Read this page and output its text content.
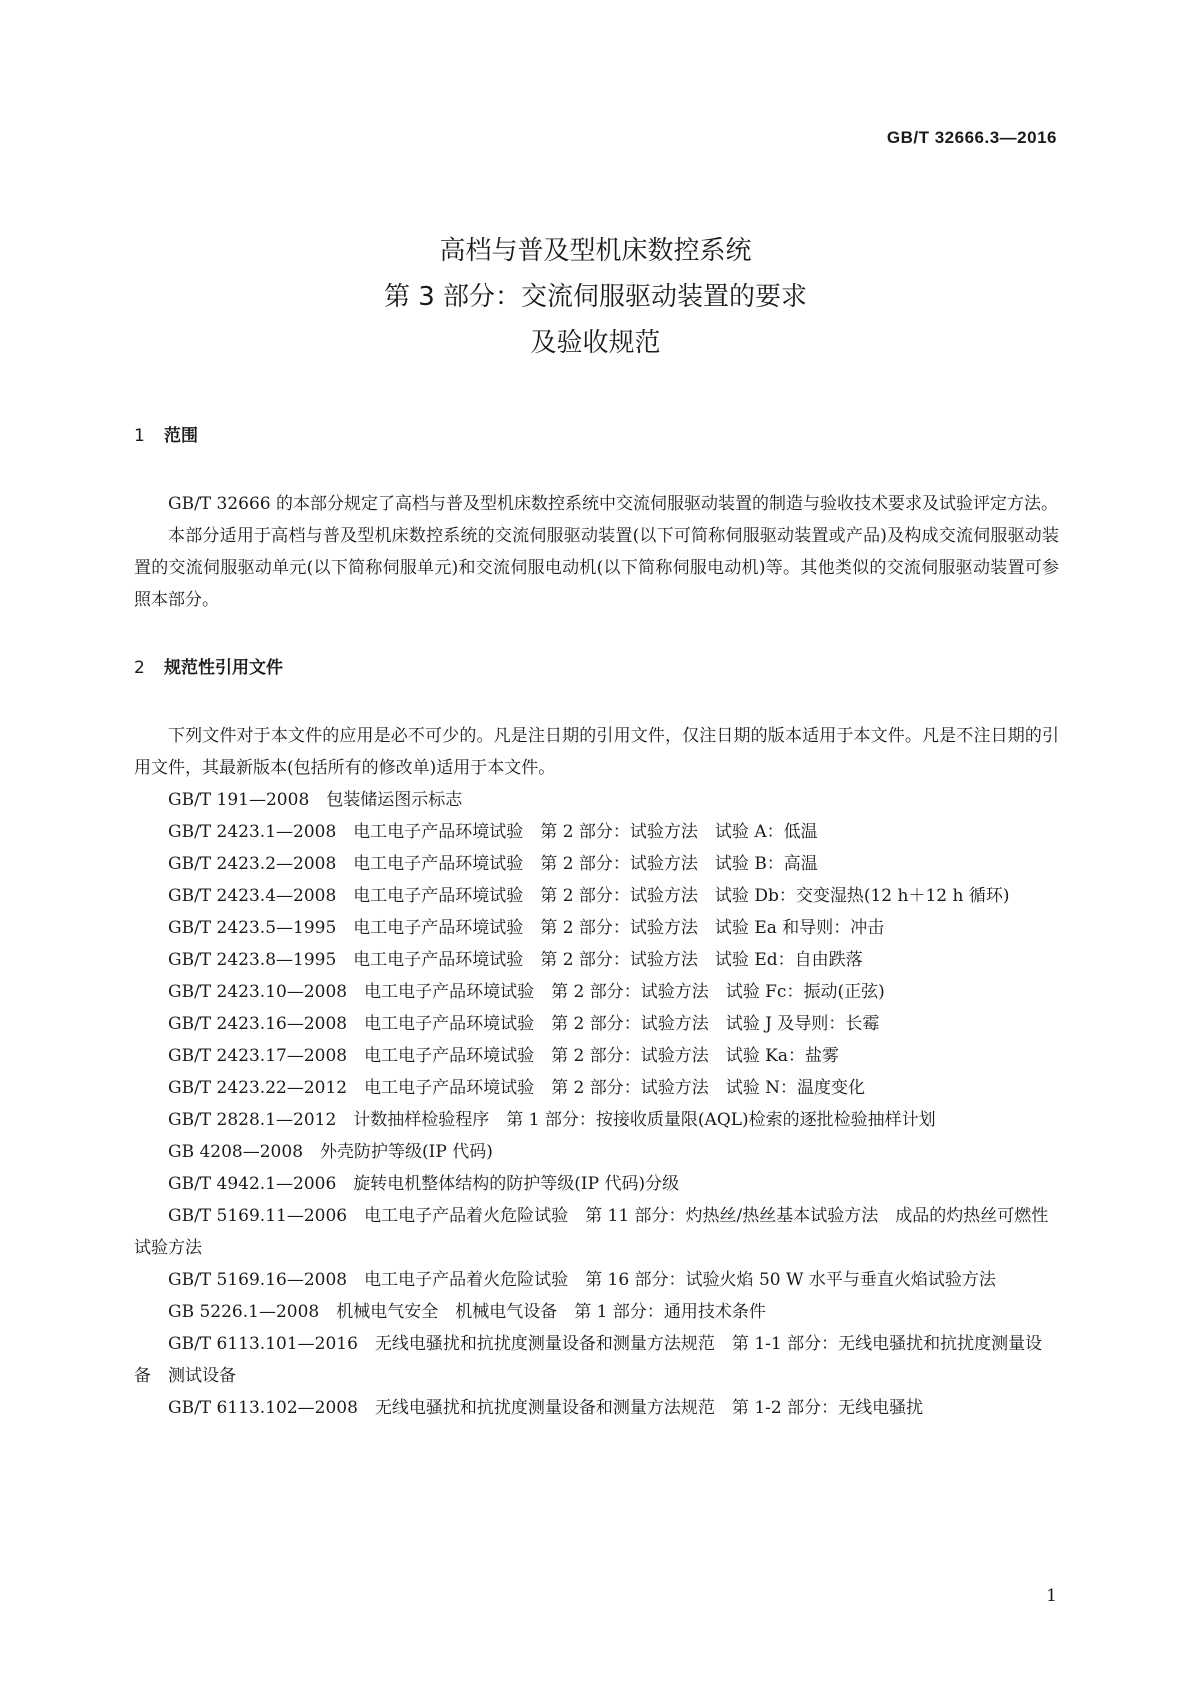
GB/T 32666.3—2016
高档与普及型机床数控系统
第 3 部分：交流伺服驱动装置的要求
及验收规范
1 范围

GB/T 32666 的本部分规定了高档与普及型机床数控系统中交流伺服驱动装置的制造与验收技术要求及试验评定方法。

本部分适用于高档与普及型机床数控系统的交流伺服驱动装置(以下可简称伺服驱动装置或产品)及构成交流伺服驱动装置的交流伺服驱动单元(以下简称伺服单元)和交流伺服电动机(以下简称伺服电动机)等。其他类似的交流伺服驱动装置可参照本部分。

2 规范性引用文件

下列文件对于本文件的应用是必不可少的。凡是注日期的引用文件，仅注日期的版本适用于本文件。凡是不注日期的引用文件，其最新版本(包括所有的修改单)适用于本文件。

GB/T 191—2008　包装储运图示标志

GB/T 2423.1—2008　电工电子产品环境试验　第 2 部分：试验方法　试验 A：低温

GB/T 2423.2—2008　电工电子产品环境试验　第 2 部分：试验方法　试验 B：高温

GB/T 2423.4—2008　电工电子产品环境试验　第 2 部分：试验方法　试验 Db：交变湿热(12 h＋12 h 循环)

GB/T 2423.5—1995　电工电子产品环境试验　第 2 部分：试验方法　试验 Ea 和导则：冲击

GB/T 2423.8—1995　电工电子产品环境试验　第 2 部分：试验方法　试验 Ed：自由跌落

GB/T 2423.10—2008　电工电子产品环境试验　第 2 部分：试验方法　试验 Fc：振动(正弦)

GB/T 2423.16—2008　电工电子产品环境试验　第 2 部分：试验方法　试验 J 及导则：长霉

GB/T 2423.17—2008　电工电子产品环境试验　第 2 部分：试验方法　试验 Ka：盐雾

GB/T 2423.22—2012　电工电子产品环境试验　第 2 部分：试验方法　试验 N：温度变化

GB/T 2828.1—2012　计数抽样检验程序　第 1 部分：按接收质量限(AQL)检索的逐批检验抽样计划

GB 4208—2008　外壳防护等级(IP 代码)

GB/T 4942.1—2006　旋转电机整体结构的防护等级(IP 代码)分级

GB/T 5169.11—2006　电工电子产品着火危险试验　第 11 部分：灼热丝/热丝基本试验方法　成品的灼热丝可燃性试验方法

GB/T 5169.16—2008　电工电子产品着火危险试验　第 16 部分：试验火焰 50 W 水平与垂直火焰试验方法

GB 5226.1—2008　机械电气安全　机械电气设备　第 1 部分：通用技术条件

GB/T 6113.101—2016　无线电骚扰和抗扰度测量设备和测量方法规范　第 1-1 部分：无线电骚扰和抗扰度测量设备　测试设备

GB/T 6113.102—2008　无线电骚扰和抗扰度测量设备和测量方法规范　第 1-2 部分：无线电骚扰

1
